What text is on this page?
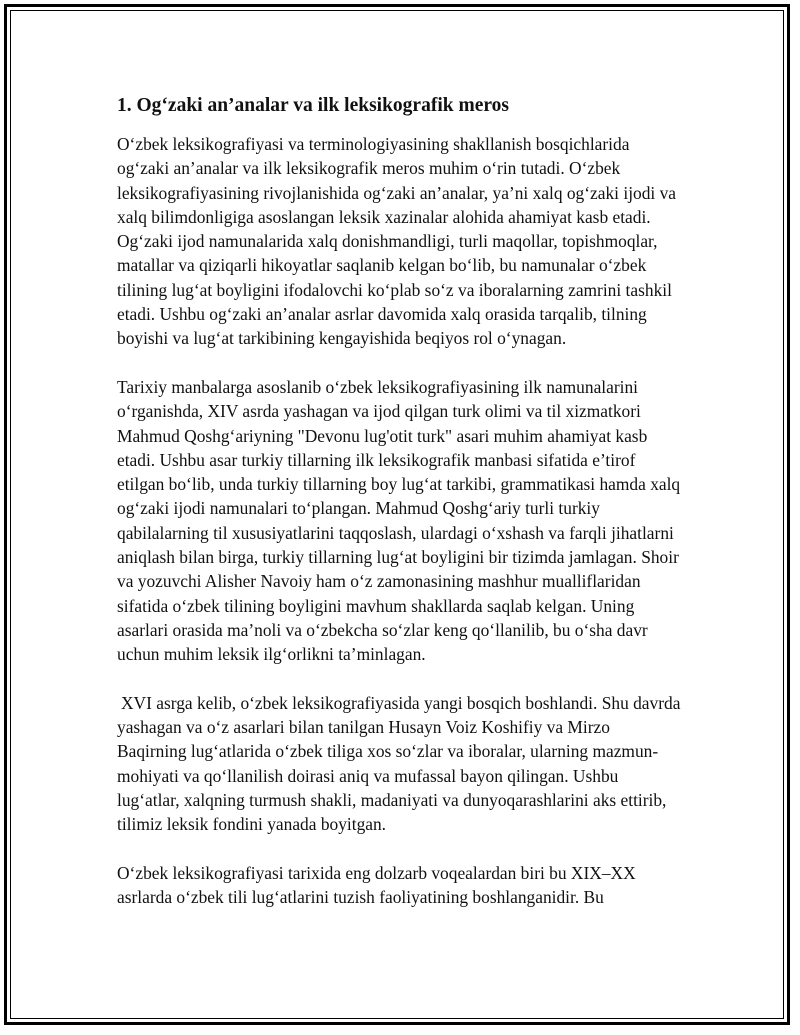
1. Og‘zaki an’analar va ilk leksikografik meros

O‘zbek leksikografiyasi va terminologiyasining shakllanish bosqichlarida og‘zaki an’analar va ilk leksikografik meros muhim o‘rin tutadi. O‘zbek leksikografiyasining rivojlanishida og‘zaki an’analar, ya’ni xalq og‘zaki ijodi va xalq bilimdonligiga asoslangan leksik xazinalar alohida ahamiyat kasb etadi. Og‘zaki ijod namunalarida xalq donishmandligi, turli maqollar, topishmoqlar, matallar va qiziqarli hikoyatlar saqlanib kelgan bo‘lib, bu namunalar o‘zbek tilining lug‘at boyligini ifodalovchi ko‘plab so‘z va iboralarning zamrini tashkil etadi. Ushbu og‘zaki an’analar asrlar davomida xalq orasida tarqalib, tilning boyishi va lug‘at tarkibining kengayishida beqiyos rol o‘ynagan.

Tarixiy manbalarga asoslanib o‘zbek leksikografiyasining ilk namunalarini o‘rganishda, XIV asrda yashagan va ijod qilgan turk olimi va til xizmatkori Mahmud Qoshg‘ariyning "Devonu lug'otit turk" asari muhim ahamiyat kasb etadi. Ushbu asar turkiy tillarning ilk leksikografik manbasi sifatida e’tirof etilgan bo‘lib, unda turkiy tillarning boy lug‘at tarkibi, grammatikasi hamda xalq og‘zaki ijodi namunalari to‘plangan. Mahmud Qoshg‘ariy turli turkiy qabilalarning til xususiyatlarini taqqoslash, ulardagi o‘xshash va farqli jihatlarni aniqlash bilan birga, turkiy tillarning lug‘at boyligini bir tizimda jamlagan. Shoir va yozuvchi Alisher Navoiy ham o‘z zamonasining mashhur mualliflaridan sifatida o‘zbek tilining boyligini mavhum shakllarda saqlab kelgan. Uning asarlari orasida ma’noli va o‘zbekcha so‘zlar keng qo‘llanilib, bu o‘sha davr uchun muhim leksik ilg‘orlikni ta’minlagan.

XVI asrga kelib, o‘zbek leksikografiyasida yangi bosqich boshlandi. Shu davrda yashagan va o‘z asarlari bilan tanilgan Husayn Voiz Koshifiy va Mirzo Baqirning lug‘atlarida o‘zbek tiliga xos so‘zlar va iboralar, ularning mazmun-mohiyati va qo‘llanilish doirasi aniq va mufassal bayon qilingan. Ushbu lug‘atlar, xalqning turmush shakli, madaniyati va dunyoqarashlarini aks ettirib, tilimiz leksik fondini yanada boyitgan.

O‘zbek leksikografiyasi tarixida eng dolzarb voqealardan biri bu XIX–XX asrlarda o‘zbek tili lug‘atlarini tuzish faoliyatining boshlanganidir. Bu
